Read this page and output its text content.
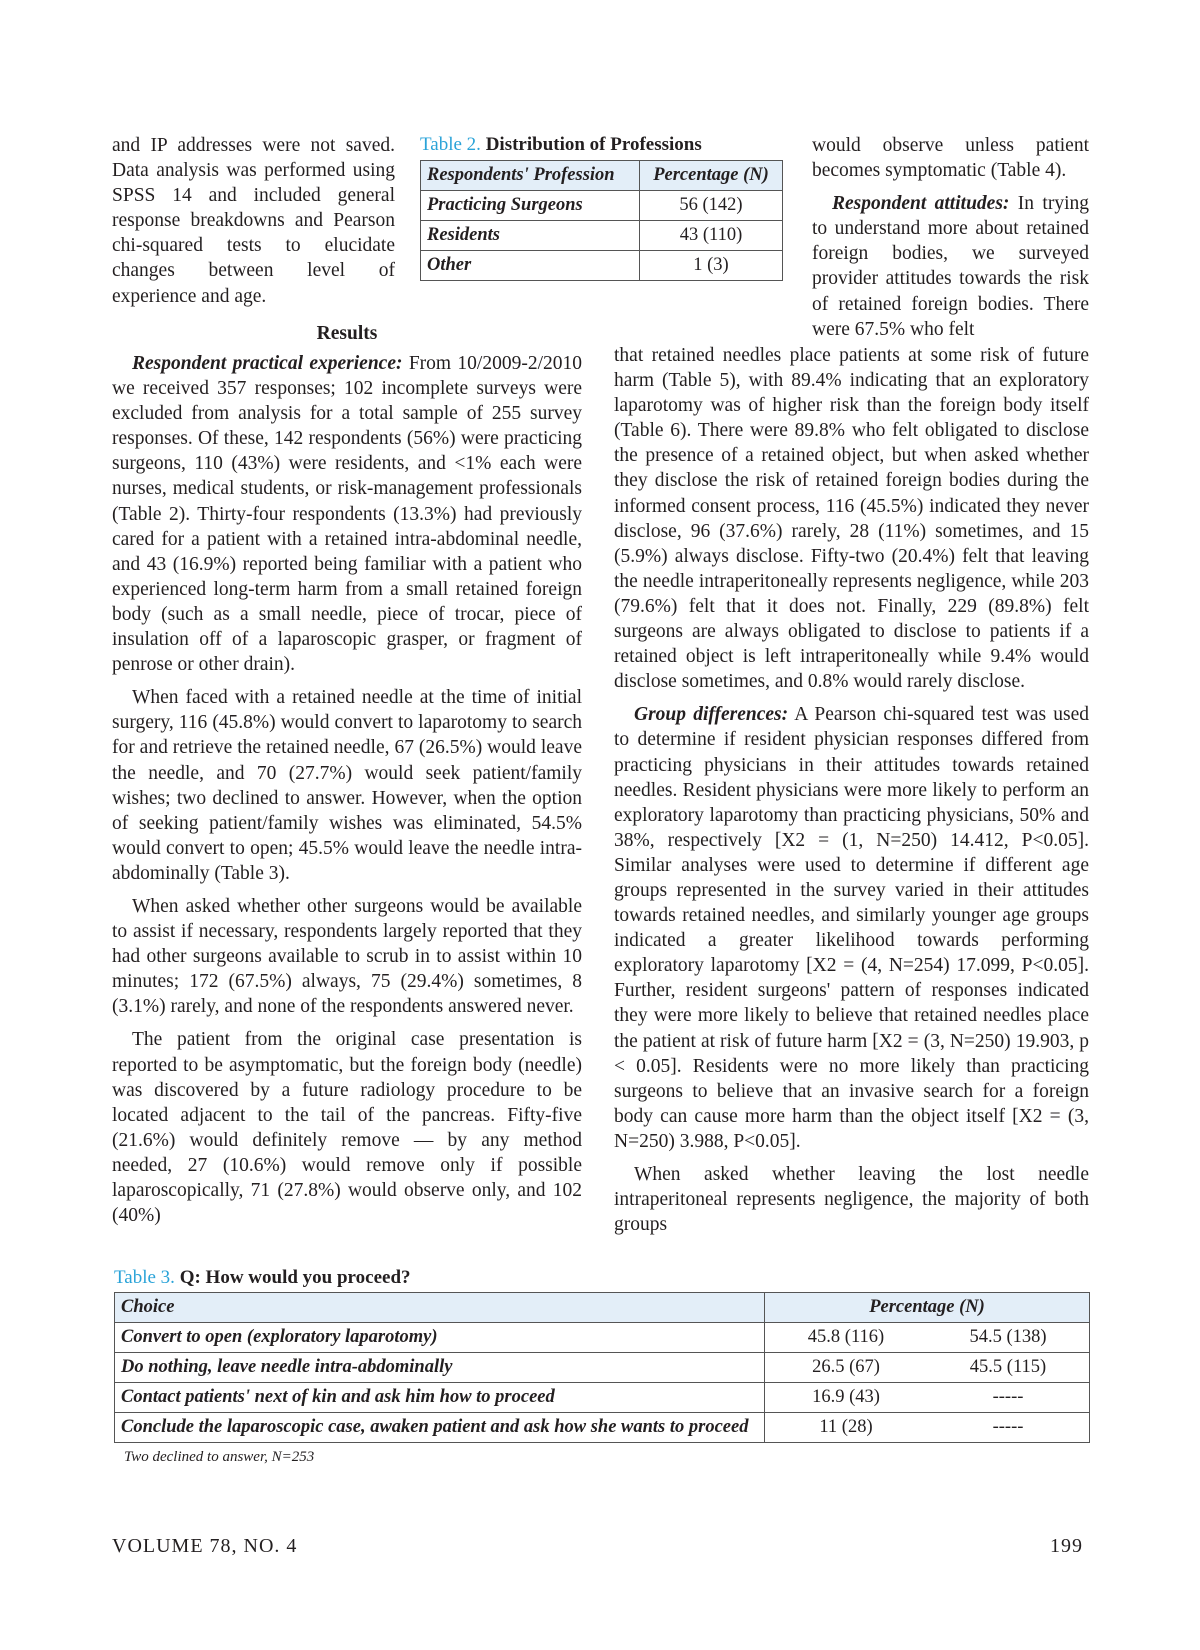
and IP addresses were not saved. Data analysis was performed using SPSS 14 and included general response breakdowns and Pearson chi-squared tests to elucidate changes between level of experience and age.

Results

Respondent practical experience: From 10/2009-2/2010 we received 357 responses; 102 incomplete surveys were excluded from analysis for a total sample of 255 survey responses. Of these, 142 respondents (56%) were practicing surgeons, 110 (43%) were residents, and <1% each were nurses, medical students, or risk-management professionals (Table 2). Thirty-four respondents (13.3%) had previously cared for a patient with a retained intra-abdominal needle, and 43 (16.9%) reported being familiar with a patient who experienced long-term harm from a small retained foreign body (such as a small needle, piece of trocar, piece of insulation off of a laparoscopic grasper, or fragment of penrose or other drain).

When faced with a retained needle at the time of initial surgery, 116 (45.8%) would convert to laparotomy to search for and retrieve the retained needle, 67 (26.5%) would leave the needle, and 70 (27.7%) would seek patient/family wishes; two declined to answer. However, when the option of seeking patient/family wishes was eliminated, 54.5% would convert to open; 45.5% would leave the needle intra-abdominally (Table 3).

When asked whether other surgeons would be available to assist if necessary, respondents largely reported that they had other surgeons available to scrub in to assist within 10 minutes; 172 (67.5%) always, 75 (29.4%) sometimes, 8 (3.1%) rarely, and none of the respondents answered never.

The patient from the original case presentation is reported to be asymptomatic, but the foreign body (needle) was discovered by a future radiology procedure to be located adjacent to the tail of the pancreas. Fifty-five (21.6%) would definitely remove — by any method needed, 27 (10.6%) would remove only if possible laparoscopically, 71 (27.8%) would observe only, and 102 (40%)

Table 2. Distribution of Professions
Respondents' Profession	Percentage (N)
Practicing Surgeons	56 (142)
Residents	43 (110)
Other	1 (3)

would observe unless patient becomes symptomatic (Table 4).

Respondent attitudes: In trying to understand more about retained foreign bodies, we surveyed provider attitudes towards the risk of retained foreign bodies. There were 67.5% who felt

that retained needles place patients at some risk of future harm (Table 5), with 89.4% indicating that an exploratory laparotomy was of higher risk than the foreign body itself (Table 6). There were 89.8% who felt obligated to disclose the presence of a retained object, but when asked whether they disclose the risk of retained foreign bodies during the informed consent process, 116 (45.5%) indicated they never disclose, 96 (37.6%) rarely, 28 (11%) sometimes, and 15 (5.9%) always disclose. Fifty-two (20.4%) felt that leaving the needle intraperitoneally represents negligence, while 203 (79.6%) felt that it does not. Finally, 229 (89.8%) felt surgeons are always obligated to disclose to patients if a retained object is left intraperitoneally while 9.4% would disclose sometimes, and 0.8% would rarely disclose.

Group differences: A Pearson chi-squared test was used to determine if resident physician responses differed from practicing physicians in their attitudes towards retained needles. Resident physicians were more likely to perform an exploratory laparotomy than practicing physicians, 50% and 38%, respectively [X2 = (1, N=250) 14.412, P<0.05]. Similar analyses were used to determine if different age groups represented in the survey varied in their attitudes towards retained needles, and similarly younger age groups indicated a greater likelihood towards performing exploratory laparotomy [X2 = (4, N=254) 17.099, P<0.05]. Further, resident surgeons' pattern of responses indicated they were more likely to believe that retained needles place the patient at risk of future harm [X2 = (3, N=250) 19.903, p < 0.05]. Residents were no more likely than practicing surgeons to believe that an invasive search for a foreign body can cause more harm than the object itself [X2 = (3, N=250) 3.988, P<0.05].

When asked whether leaving the lost needle intraperitoneal represents negligence, the majority of both groups

Table 3. Q: How would you proceed?
Choice	Percentage (N)	
Convert to open (exploratory laparotomy)	45.8 (116)	54.5 (138)
Do nothing, leave needle intra-abdominally	26.5 (67)	45.5 (115)
Contact patients' next of kin and ask him how to proceed	16.9 (43)	-----
Conclude the laparoscopic case, awaken patient and ask how she wants to proceed	11 (28)	-----
Two declined to answer, N=253
VOLUME 78, NO. 4	199
